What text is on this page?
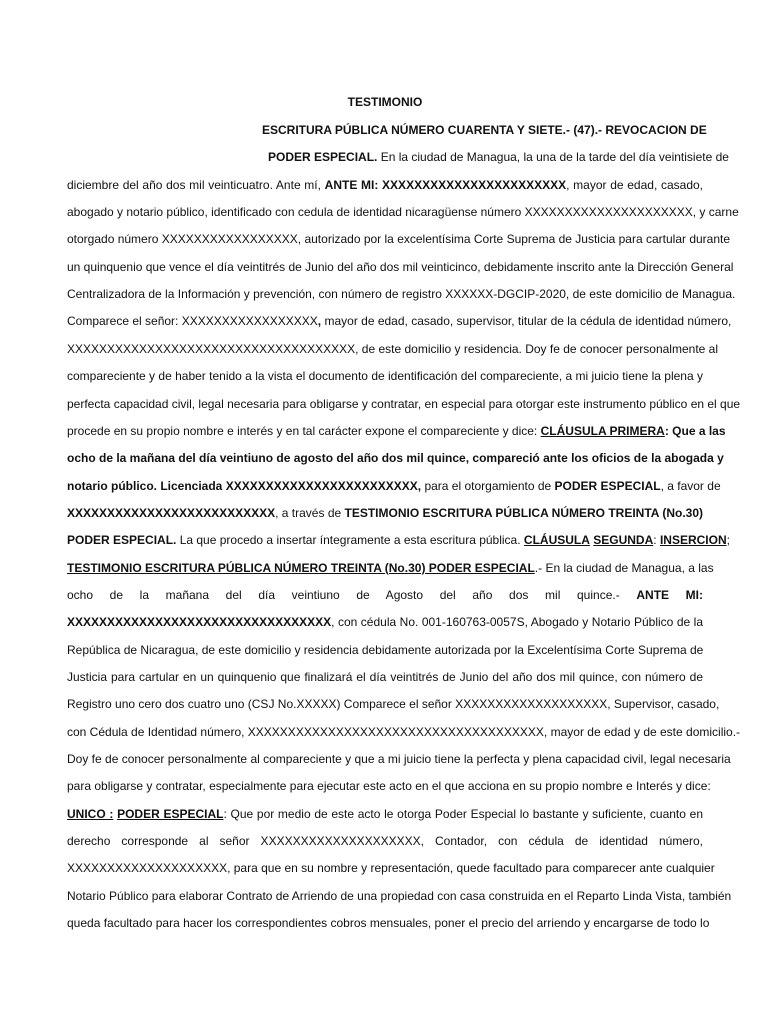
TESTIMONIO
ESCRITURA PÚBLICA NÚMERO CUARENTA Y SIETE.- (47).- REVOCACION DE
PODER ESPECIAL. En la ciudad de Managua, la una de la tarde del día veintisiete de
diciembre del año dos mil veinticuatro. Ante mí, ANTE MI: XXXXXXXXXXXXXXXXXXXXXXX, mayor de edad, casado,
abogado y notario público, identificado con cedula de identidad nicaragüense número XXXXXXXXXXXXXXXXXXXXX, y carne
otorgado número XXXXXXXXXXXXXXXXX, autorizado por la excelentísima Corte Suprema de Justicia para cartular durante
un quinquenio que vence el día veintitrés de Junio del año dos mil veinticinco, debidamente inscrito ante la Dirección General
Centralizadora de la Información y prevención, con número de registro XXXXXX-DGCIP-2020, de este domicilio de Managua.
Comparece el señor: XXXXXXXXXXXXXXXXX, mayor de edad, casado, supervisor, titular de la cédula de identidad número,
XXXXXXXXXXXXXXXXXXXXXXXXXXXXXXXXXXXX, de este domicilio y residencia. Doy fe de conocer personalmente al
compareciente y de haber tenido a la vista el documento de identificación del compareciente, a mi juicio tiene la plena y
perfecta capacidad civil, legal necesaria para obligarse y contratar, en especial para otorgar este instrumento público en el que
procede en su propio nombre e interés y en tal carácter expone el compareciente y dice: CLÁUSULA PRIMERA: Que a las
ocho de la mañana del día veintiuno de agosto del año dos mil quince, compareció ante los oficios de la abogada y
notario público. Licenciada XXXXXXXXXXXXXXXXXXXXXXXX, para el otorgamiento de PODER ESPECIAL, a favor de
XXXXXXXXXXXXXXXXXXXXXXXXXX, a través de TESTIMONIO ESCRITURA PÚBLICA NÚMERO TREINTA (No.30)
PODER ESPECIAL. La que procedo a insertar íntegramente a esta escritura pública. CLÁUSULA SEGUNDA: INSERCION;
TESTIMONIO ESCRITURA PÚBLICA NÚMERO TREINTA (No.30) PODER ESPECIAL.- En la ciudad de Managua, a las
ocho de la mañana del día veintiuno de Agosto del año dos mil quince.- ANTE MI:
XXXXXXXXXXXXXXXXXXXXXXXXXXXXXXXXX, con cédula No. 001-160763-0057S, Abogado y Notario Público de la
República de Nicaragua, de este domicilio y residencia debidamente autorizada por la Excelentísima Corte Suprema de
Justicia para cartular en un quinquenio que finalizará el día veintitrés de Junio del año dos mil quince, con número de
Registro uno cero dos cuatro uno (CSJ No.XXXXX) Comparece el señor XXXXXXXXXXXXXXXXXXX, Supervisor, casado,
con Cédula de Identidad número, XXXXXXXXXXXXXXXXXXXXXXXXXXXXXXXXXXXXX, mayor de edad y de este domicilio.-
Doy fe de conocer personalmente al compareciente y que a mi juicio tiene la perfecta y plena capacidad civil, legal necesaria
para obligarse y contratar, especialmente para ejecutar este acto en el que acciona en su propio nombre e Interés y dice:
UNICO : PODER ESPECIAL: Que por medio de este acto le otorga Poder Especial lo bastante y suficiente, cuanto en
derecho corresponde al señor XXXXXXXXXXXXXXXXXXXX, Contador, con cédula de identidad número,
XXXXXXXXXXXXXXXXXXXX, para que en su nombre y representación, quede facultado para comparecer ante cualquier
Notario Público para elaborar Contrato de Arriendo de una propiedad con casa construida en el Reparto Linda Vista, también
queda facultado para hacer los correspondientes cobros mensuales, poner el precio del arriendo y encargarse de todo lo
